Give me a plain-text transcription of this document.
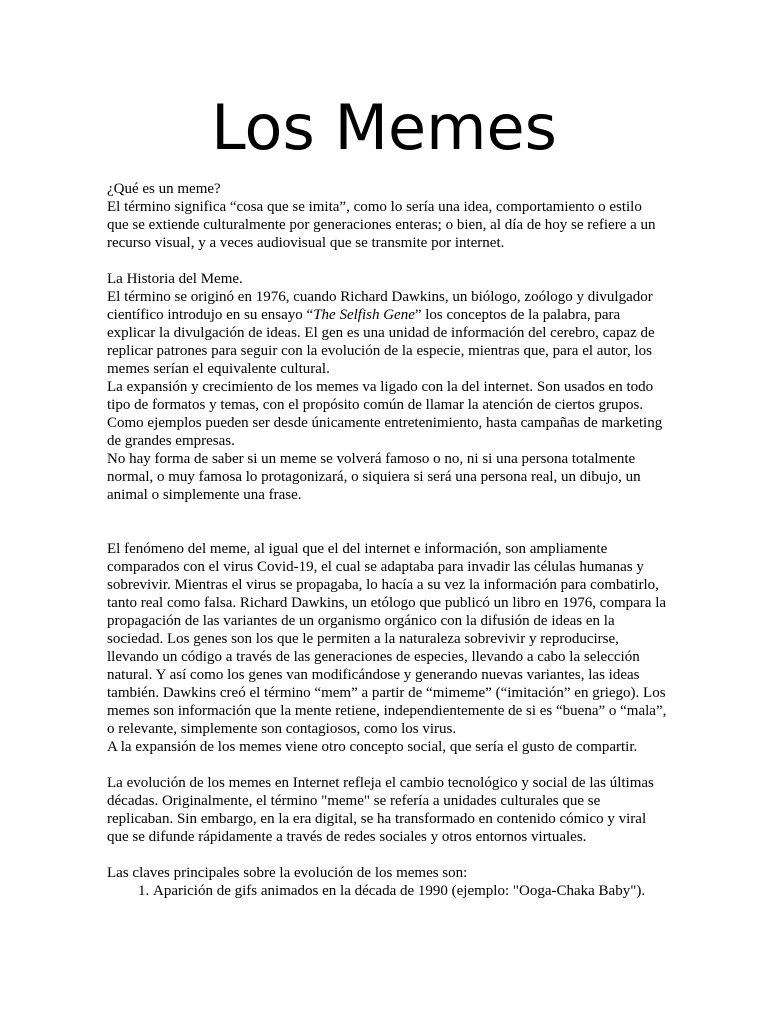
Los Memes

¿Qué es un meme?

El término significa “cosa que se imita”, como lo sería una idea, comportamiento o estilo que se extiende culturalmente por generaciones enteras; o bien, al día de hoy se refiere a un recurso visual, y a veces audiovisual que se transmite por internet.

La Historia del Meme.

El término se originó en 1976, cuando Richard Dawkins, un biólogo, zoólogo y divulgador científico introdujo en su ensayo “The Selfish Gene” los conceptos de la palabra, para explicar la divulgación de ideas. El gen es una unidad de información del cerebro, capaz de replicar patrones para seguir con la evolución de la especie, mientras que, para el autor, los memes serían el equivalente cultural.

La expansión y crecimiento de los memes va ligado con la del internet. Son usados en todo tipo de formatos y temas, con el propósito común de llamar la atención de ciertos grupos. Como ejemplos pueden ser desde únicamente entretenimiento, hasta campañas de marketing de grandes empresas.

No hay forma de saber si un meme se volverá famoso o no, ni si una persona totalmente normal, o muy famosa lo protagonizará, o siquiera si será una persona real, un dibujo, un animal o simplemente una frase.

El fenómeno del meme, al igual que el del internet e información, son ampliamente comparados con el virus Covid-19, el cual se adaptaba para invadir las células humanas y sobrevivir. Mientras el virus se propagaba, lo hacía a su vez la información para combatirlo, tanto real como falsa. Richard Dawkins, un etólogo que publicó un libro en 1976, compara la propagación de las variantes de un organismo orgánico con la difusión de ideas en la sociedad. Los genes son los que le permiten a la naturaleza sobrevivir y reproducirse, llevando un código a través de las generaciones de especies, llevando a cabo la selección natural. Y así como los genes van modificándose y generando nuevas variantes, las ideas también. Dawkins creó el término “mem” a partir de “mimeme” (“imitación” en griego). Los memes son información que la mente retiene, independientemente de si es “buena” o “mala”, o relevante, simplemente son contagiosos, como los virus.

A la expansión de los memes viene otro concepto social, que sería el gusto de compartir.

La evolución de los memes en Internet refleja el cambio tecnológico y social de las últimas décadas. Originalmente, el término "meme" se refería a unidades culturales que se replicaban. Sin embargo, en la era digital, se ha transformado en contenido cómico y viral que se difunde rápidamente a través de redes sociales y otros entornos virtuales.

Las claves principales sobre la evolución de los memes son:

1. Aparición de gifs animados en la década de 1990 (ejemplo: "Ooga-Chaka Baby").
